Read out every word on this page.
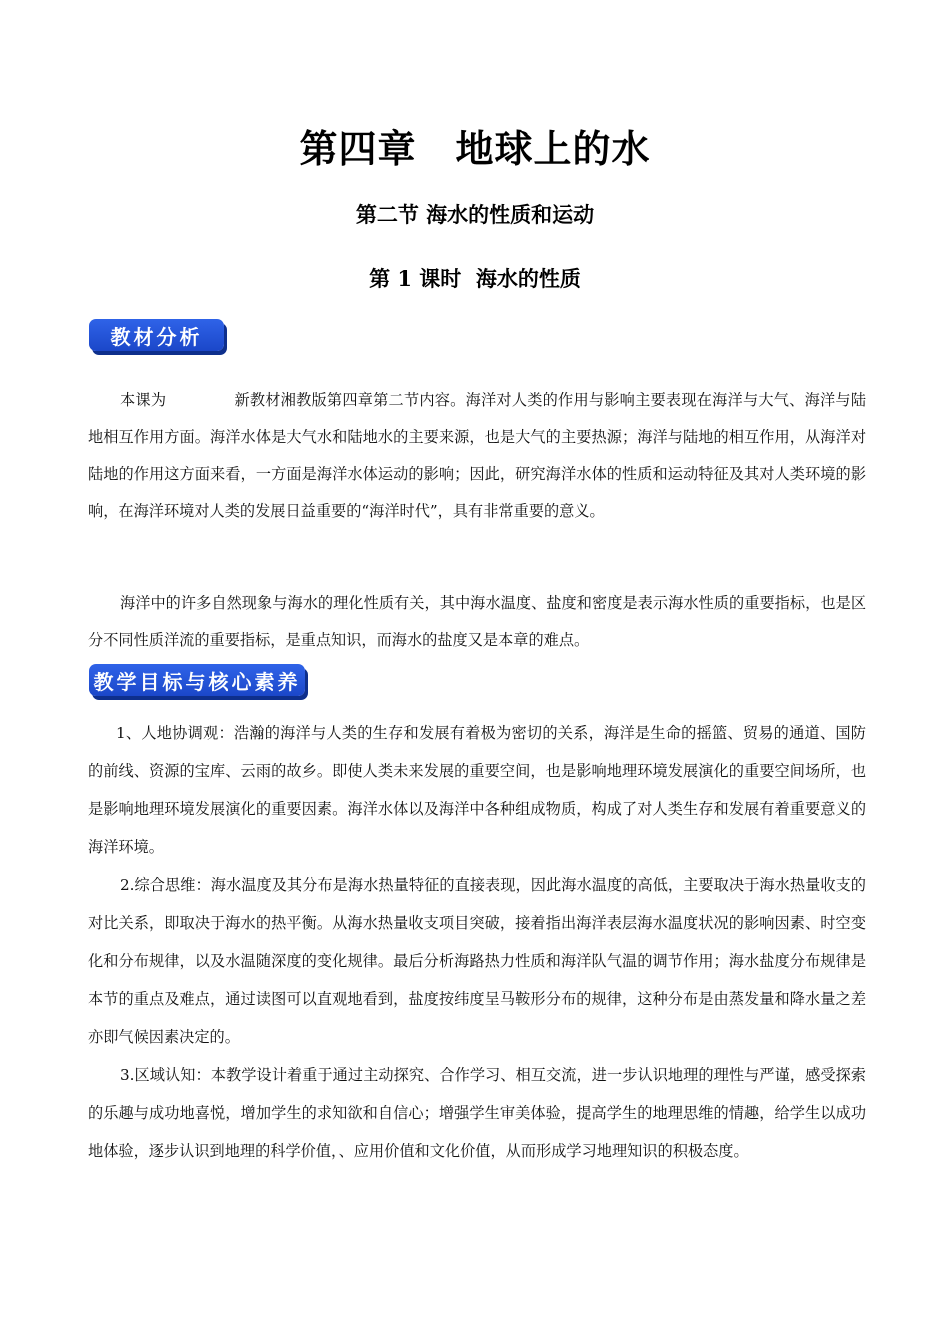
第四章　地球上的水
第二节 海水的性质和运动
第 1 课时  海水的性质
教材分析

本课为	新教材湘教版第四章第二节内容。海洋对人类的作用与影响主要表现在海洋与大气、海洋与陆地相互作用方面。海洋水体是大气水和陆地水的主要来源，也是大气的主要热源；海洋与陆地的相互作用，从海洋对陆地的作用这方面来看，一方面是海洋水体运动的影响；因此，研究海洋水体的性质和运动特征及其对人类环境的影响，在海洋环境对人类的发展日益重要的“海洋时代”，具有非常重要的意义。

海洋中的许多自然现象与海水的理化性质有关，其中海水温度、盐度和密度是表示海水性质的重要指标，也是区分不同性质洋流的重要指标，是重点知识，而海水的盐度又是本章的难点。

教学目标与核心素养

1、人地协调观：浩瀚的海洋与人类的生存和发展有着极为密切的关系，海洋是生命的摇篮、贸易的通道、国防的前线、资源的宝库、云雨的故乡。即使人类未来发展的重要空间，也是影响地理环境发展演化的重要空间场所，也是影响地理环境发展演化的重要因素。海洋水体以及海洋中各种组成物质，构成了对人类生存和发展有着重要意义的海洋环境。

2.综合思维：海水温度及其分布是海水热量特征的直接表现，因此海水温度的高低，主要取决于海水热量收支的对比关系，即取决于海水的热平衡。从海水热量收支项目突破，接着指出海洋表层海水温度状况的影响因素、时空变化和分布规律，以及水温随深度的变化规律。最后分析海路热力性质和海洋队气温的调节作用；海水盐度分布规律是本节的重点及难点，通过读图可以直观地看到，盐度按纬度呈马鞍形分布的规律，这种分布是由蒸发量和降水量之差亦即气候因素决定的。

3.区域认知：本教学设计着重于通过主动探究、合作学习、相互交流，进一步认识地理的理性与严谨，感受探索的乐趣与成功地喜悦，增加学生的求知欲和自信心；增强学生审美体验，提高学生的地理思维的情趣，给学生以成功地体验，逐步认识到地理的科学价值，、应用价值和文化价值，从而形成学习地理知识的积极态度。
